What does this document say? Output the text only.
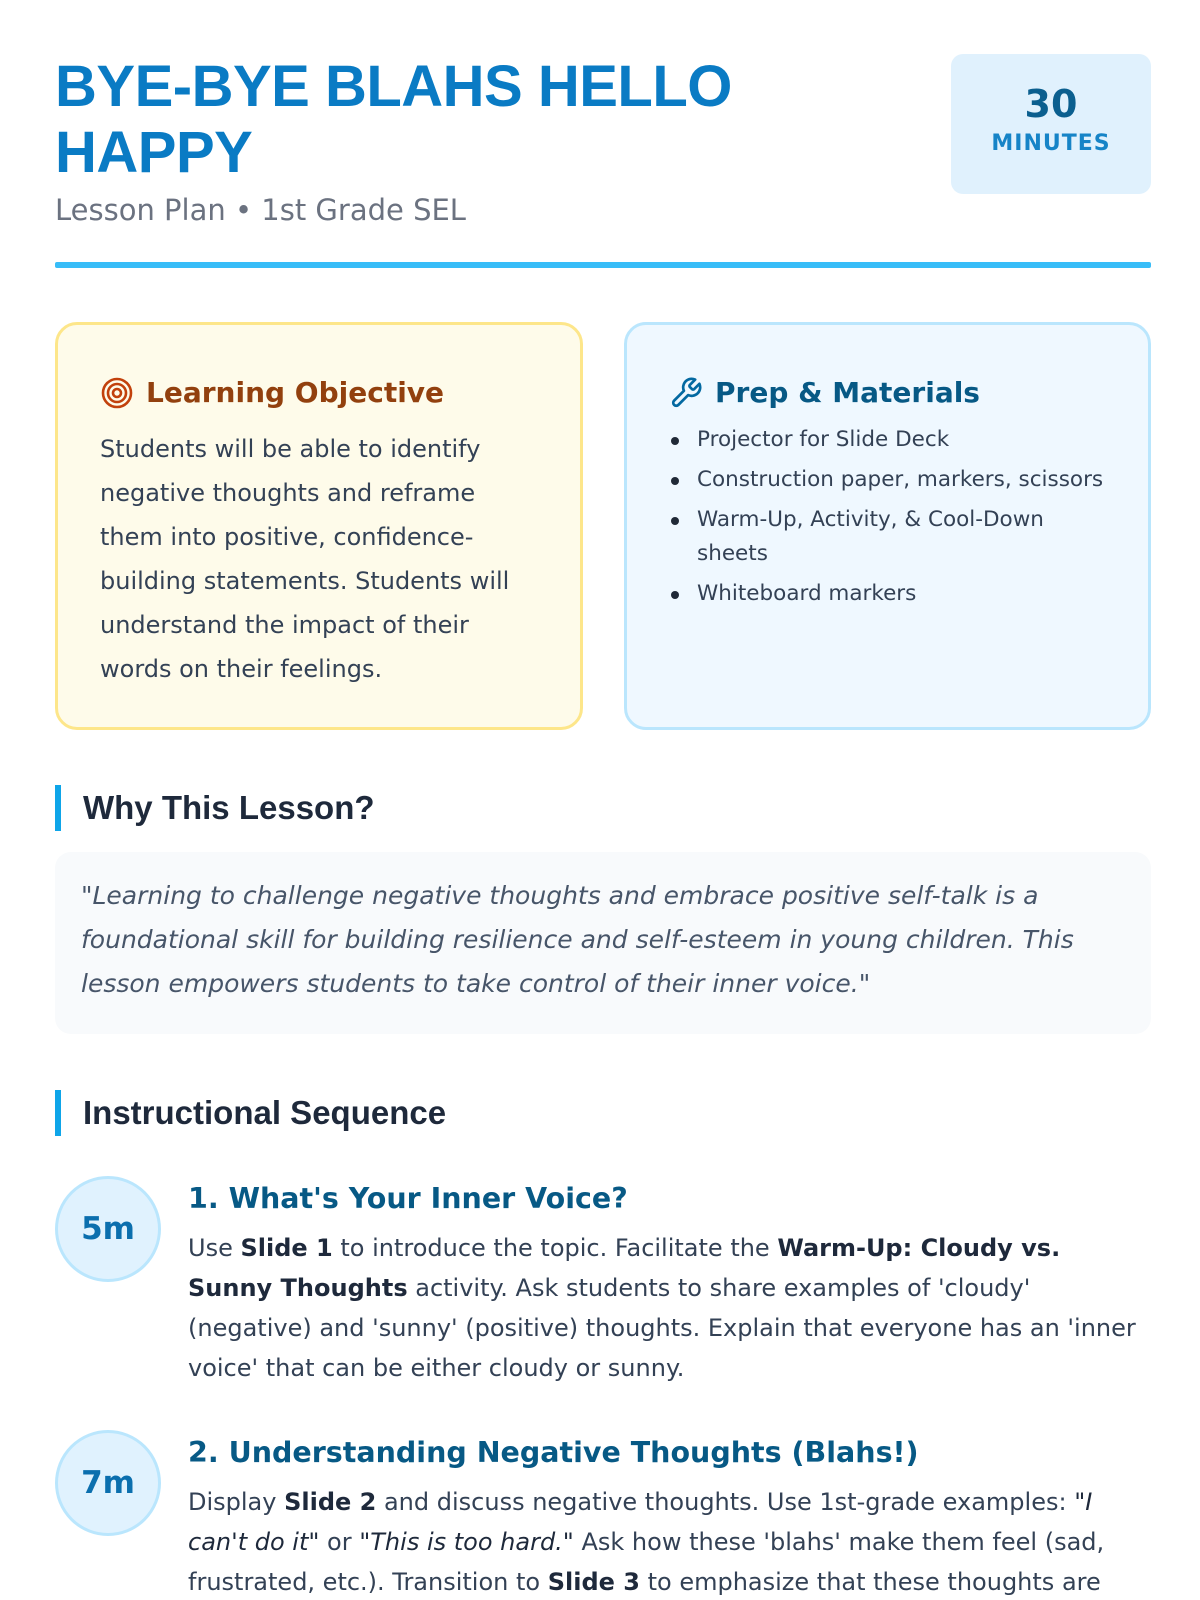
BYE-BYE BLAHS HELLO HAPPY
Lesson Plan • 1st Grade SEL
30
MINUTES
Learning Objective

Students will be able to identify negative thoughts and reframe them into positive, confidence-building statements. Students will understand the impact of their words on their feelings.

Prep & Materials
Projector for Slide Deck
Construction paper, markers, scissors
Warm-Up, Activity, & Cool-Down sheets
Whiteboard markers
Why This Lesson?

"Learning to challenge negative thoughts and embrace positive self-talk is a foundational skill for building resilience and self-esteem in young children. This lesson empowers students to take control of their inner voice."

Instructional Sequence
5m
1. What's Your Inner Voice?

Use Slide 1 to introduce the topic. Facilitate the Warm-Up: Cloudy vs. Sunny Thoughts activity. Ask students to share examples of 'cloudy' (negative) and 'sunny' (positive) thoughts. Explain that everyone has an 'inner voice' that can be either cloudy or sunny.

7m
2. Understanding Negative Thoughts (Blahs!)

Display Slide 2 and discuss negative thoughts. Use 1st-grade examples: "I can't do it" or "This is too hard." Ask how these 'blahs' make them feel (sad, frustrated, etc.). Transition to Slide 3 to emphasize that these thoughts are
